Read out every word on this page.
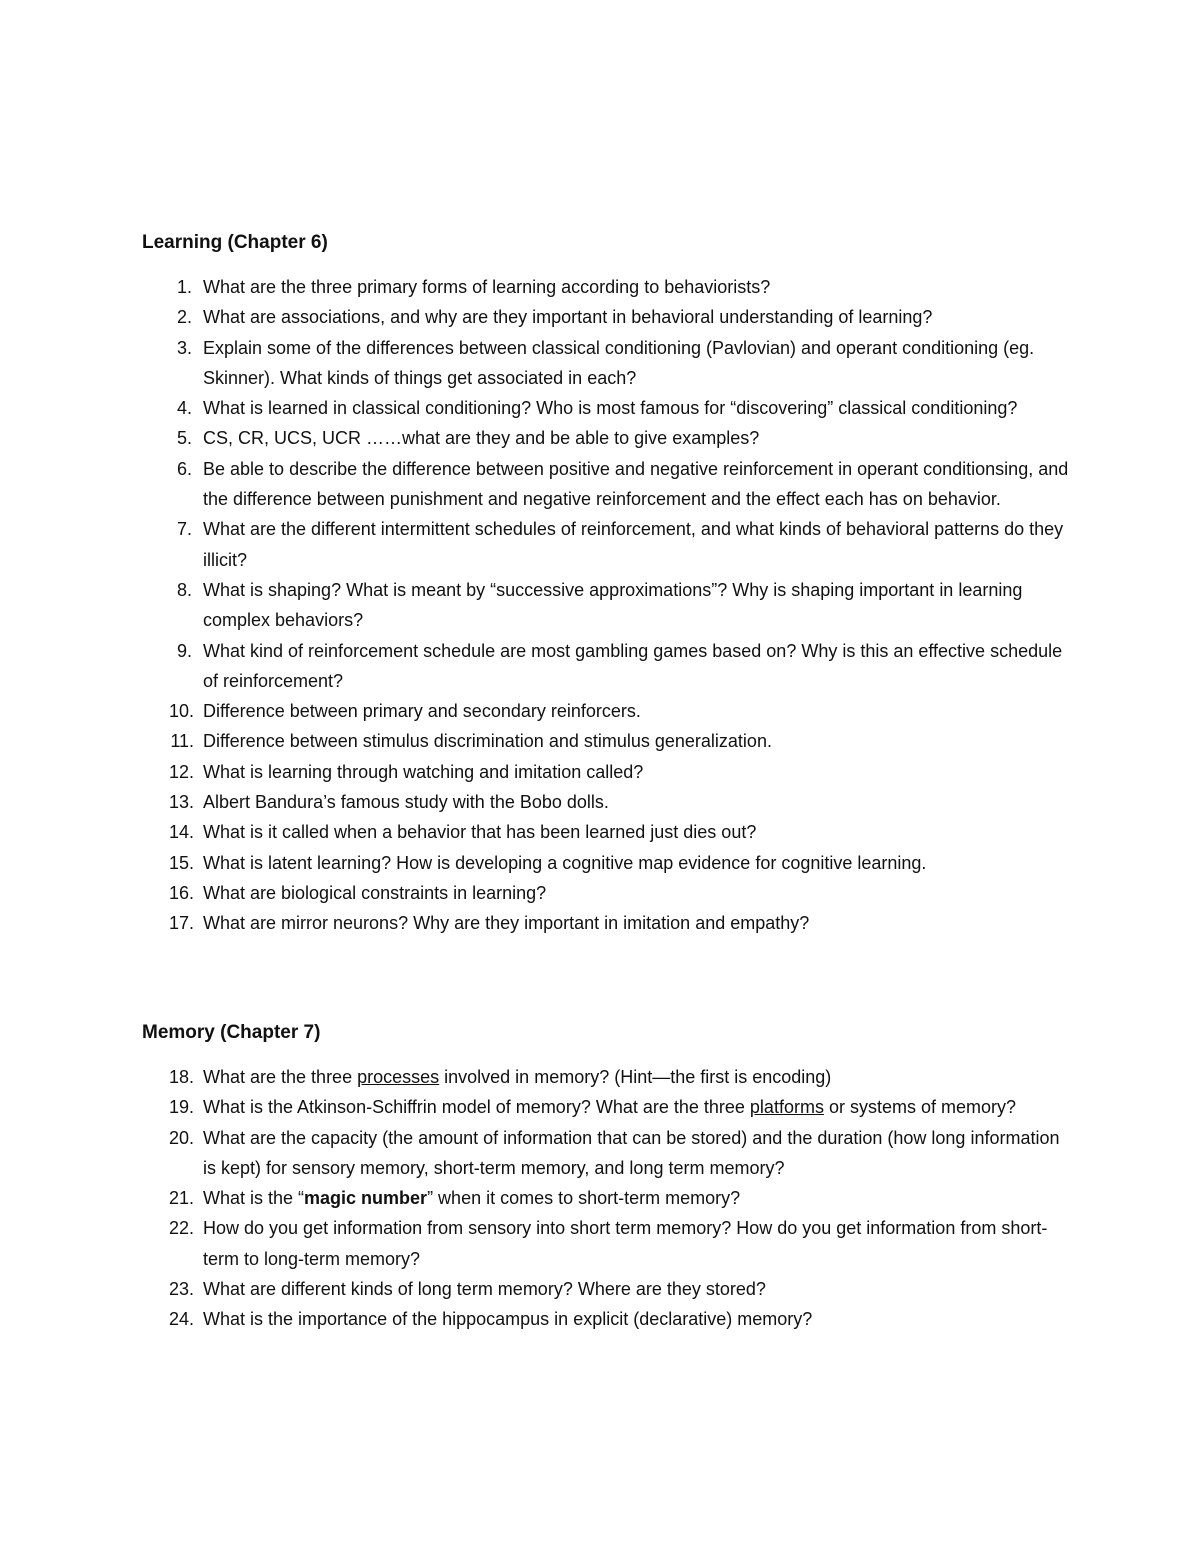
Learning (Chapter 6)
1. What are the three primary forms of learning according to behaviorists?
2. What are associations, and why are they important in behavioral understanding of learning?
3. Explain some of the differences between classical conditioning (Pavlovian) and operant conditioning (eg. Skinner). What kinds of things get associated in each?
4. What is learned in classical conditioning? Who is most famous for “discovering” classical conditioning?
5. CS, CR, UCS, UCR ……what are they and be able to give examples?
6. Be able to describe the difference between positive and negative reinforcement in operant conditionsing, and the difference between punishment and negative reinforcement and the effect each has on behavior.
7. What are the different intermittent schedules of reinforcement, and what kinds of behavioral patterns do they illicit?
8. What is shaping? What is meant by “successive approximations”? Why is shaping important in learning complex behaviors?
9. What kind of reinforcement schedule are most gambling games based on? Why is this an effective schedule of reinforcement?
10. Difference between primary and secondary reinforcers.
11. Difference between stimulus discrimination and stimulus generalization.
12. What is learning through watching and imitation called?
13. Albert Bandura’s famous study with the Bobo dolls.
14. What is it called when a behavior that has been learned just dies out?
15. What is latent learning? How is developing a cognitive map evidence for cognitive learning.
16. What are biological constraints in learning?
17. What are mirror neurons? Why are they important in imitation and empathy?
Memory (Chapter 7)
18. What are the three processes involved in memory? (Hint—the first is encoding)
19. What is the Atkinson-Schiffrin model of memory? What are the three platforms or systems of memory?
20. What are the capacity (the amount of information that can be stored) and the duration (how long information is kept) for sensory memory, short-term memory, and long term memory?
21. What is the “magic number” when it comes to short-term memory?
22. How do you get information from sensory into short term memory? How do you get information from short-term to long-term memory?
23. What are different kinds of long term memory? Where are they stored?
24. What is the importance of the hippocampus in explicit (declarative) memory?
